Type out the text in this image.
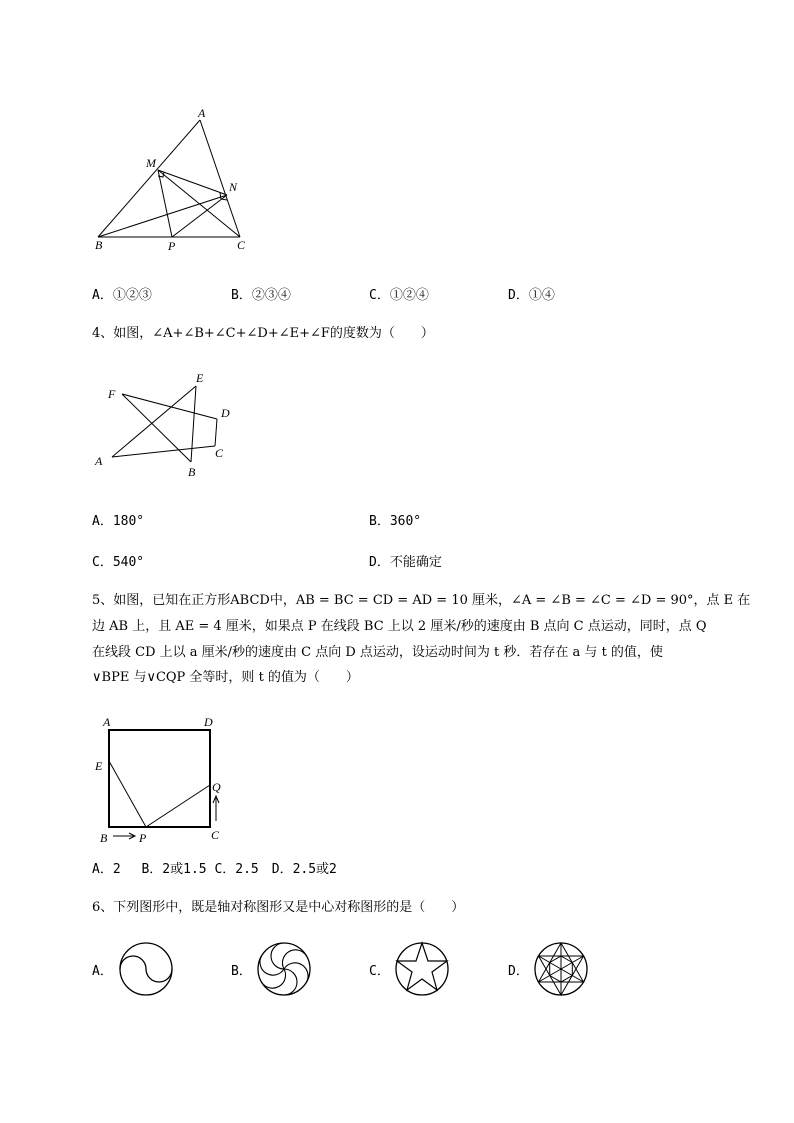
A
M
N
B	P	C
A．①②③	B．②③④	C．①②④	D．①④
4、如图，∠A+∠B+∠C+∠D+∠E+∠F的度数为（　　）
F
E
D
C
A
B
A．180°	B．360°
C．540°	D．不能确定
5、如图，已知在正方形ABCD中，AB = BC = CD = AD = 10 厘米，∠A = ∠B = ∠C = ∠D = 90°，点 E 在
边 AB 上，且 AE = 4 厘米，如果点 P 在线段 BC 上以 2 厘米/秒的速度由 B 点向 C 点运动，同时，点 Q
在线段 CD 上以 a 厘米/秒的速度由 C 点向 D 点运动，设运动时间为 t 秒．若存在 a 与 t 的值，使
∨BPE 与∨CQP 全等时，则 t 的值为（　　）
A	D
E
Q
B	P	C
A．2　 B．2或1.5 C．2.5　D．2.5或2
6、下列图形中，既是轴对称图形又是中心对称图形的是（　　）
A．	B．	C．	D．
